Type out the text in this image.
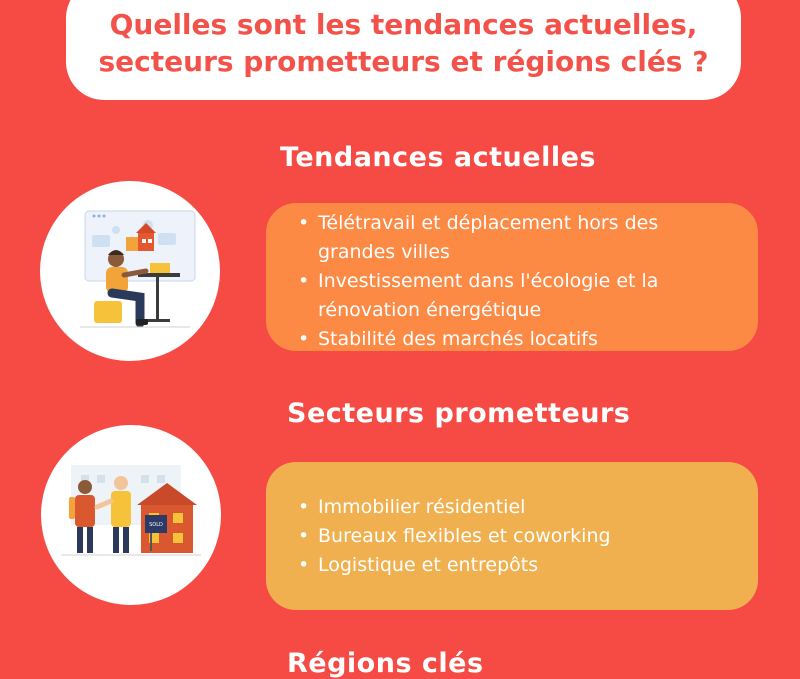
Quelles sont les tendances actuelles,
secteurs prometteurs et régions clés ?
Tendances actuelles
• Télétravail et déplacement hors des grandes villes
• Investissement dans l'écologie et la rénovation énergétique
• Stabilité des marchés locatifs
Secteurs prometteurs
SOLD
• Immobilier résidentiel
• Bureaux flexibles et coworking
• Logistique et entrepôts
Régions clés
